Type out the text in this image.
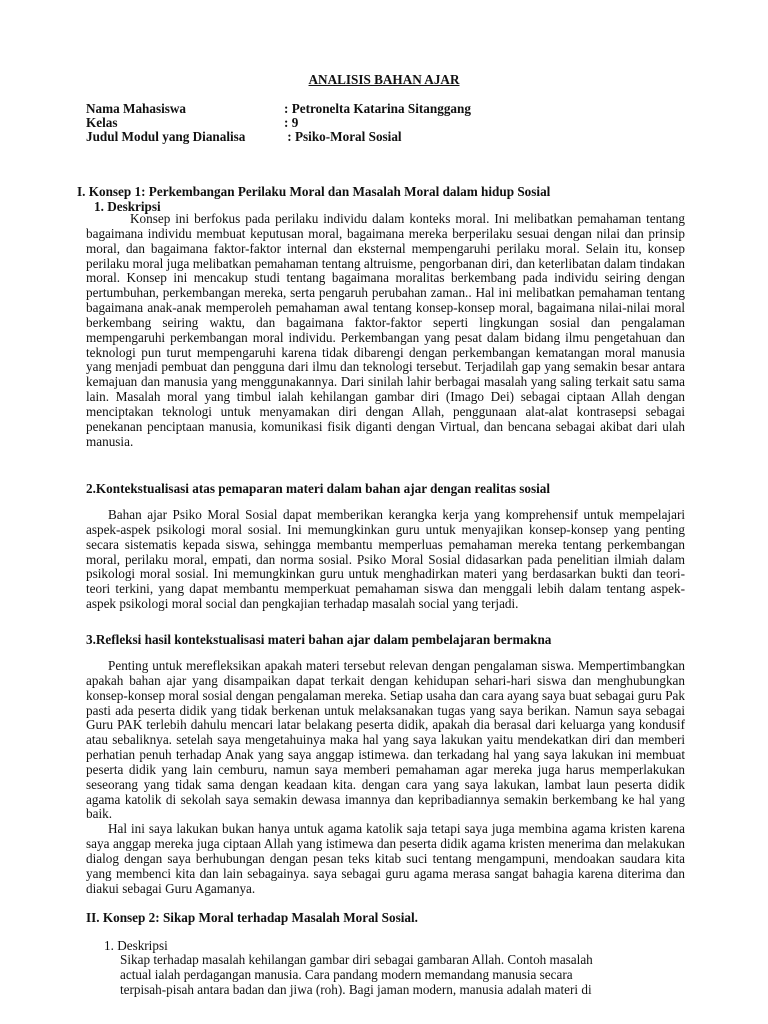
ANALISIS BAHAN AJAR
Nama Mahasiswa	: Petronelta Katarina Sitanggang
Kelas	: 9
Judul Modul yang Dianalisa	: Psiko-Moral Sosial
I. Konsep 1: Perkembangan Perilaku Moral dan Masalah Moral dalam hidup Sosial
1. Deskripsi

Konsep ini berfokus pada perilaku individu dalam konteks moral. Ini melibatkan pemahaman tentang bagaimana individu membuat keputusan moral, bagaimana mereka berperilaku sesuai dengan nilai dan prinsip moral, dan bagaimana faktor-faktor internal dan eksternal mempengaruhi perilaku moral. Selain itu, konsep perilaku moral juga melibatkan pemahaman tentang altruisme, pengorbanan diri, dan keterlibatan dalam tindakan moral. Konsep ini mencakup studi tentang bagaimana moralitas berkembang pada individu seiring dengan pertumbuhan, perkembangan mereka, serta pengaruh perubahan zaman.. Hal ini melibatkan pemahaman tentang bagaimana anak-anak memperoleh pemahaman awal tentang konsep-konsep moral, bagaimana nilai-nilai moral berkembang seiring waktu, dan bagaimana faktor-faktor seperti lingkungan sosial dan pengalaman mempengaruhi perkembangan moral individu. Perkembangan yang pesat dalam bidang ilmu pengetahuan dan teknologi pun turut mempengaruhi karena tidak dibarengi dengan perkembangan kematangan moral manusia yang menjadi pembuat dan pengguna dari ilmu dan teknologi tersebut. Terjadilah gap yang semakin besar antara kemajuan dan manusia yang menggunakannya. Dari sinilah lahir berbagai masalah yang saling terkait satu sama lain. Masalah moral yang timbul ialah kehilangan gambar diri (Imago Dei) sebagai ciptaan Allah dengan menciptakan teknologi untuk menyamakan diri dengan Allah, penggunaan alat-alat kontrasepsi sebagai penekanan penciptaan manusia, komunikasi fisik diganti dengan Virtual, dan bencana sebagai akibat dari ulah manusia.

2.Kontekstualisasi atas pemaparan materi dalam bahan ajar dengan realitas sosial

Bahan ajar Psiko Moral Sosial dapat memberikan kerangka kerja yang komprehensif untuk mempelajari aspek-aspek psikologi moral sosial. Ini memungkinkan guru untuk menyajikan konsep-konsep yang penting secara sistematis kepada siswa, sehingga membantu memperluas pemahaman mereka tentang perkembangan moral, perilaku moral, empati, dan norma sosial. Psiko Moral Sosial didasarkan pada penelitian ilmiah dalam psikologi moral sosial. Ini memungkinkan guru untuk menghadirkan materi yang berdasarkan bukti dan teori-teori terkini, yang dapat membantu memperkuat pemahaman siswa dan menggali lebih dalam tentang aspek-aspek psikologi moral social dan pengkajian terhadap masalah social yang terjadi.

3.Refleksi hasil kontekstualisasi materi bahan ajar dalam pembelajaran bermakna

Penting untuk merefleksikan apakah materi tersebut relevan dengan pengalaman siswa. Mempertimbangkan apakah bahan ajar yang disampaikan dapat terkait dengan kehidupan sehari-hari siswa dan menghubungkan konsep-konsep moral sosial dengan pengalaman mereka. Setiap usaha dan cara ayang saya buat sebagai guru Pak pasti ada peserta didik yang tidak berkenan untuk melaksanakan tugas yang saya berikan. Namun saya sebagai Guru PAK terlebih dahulu mencari latar belakang peserta didik, apakah dia berasal dari keluarga yang kondusif atau sebaliknya. setelah saya mengetahuinya maka hal yang saya lakukan yaitu mendekatkan diri dan memberi perhatian penuh terhadap Anak yang saya anggap istimewa. dan terkadang hal yang saya lakukan ini membuat peserta didik yang lain cemburu, namun saya memberi pemahaman agar mereka juga harus memperlakukan seseorang yang tidak sama dengan keadaan kita. dengan cara yang saya lakukan, lambat laun peserta didik agama katolik di sekolah saya semakin dewasa imannya dan kepribadiannya semakin berkembang ke hal yang baik.

Hal ini saya lakukan bukan hanya untuk agama katolik saja tetapi saya juga membina agama kristen karena saya anggap mereka juga ciptaan Allah yang istimewa dan peserta didik agama kristen menerima dan melakukan dialog dengan saya berhubungan dengan pesan teks kitab suci tentang mengampuni, mendoakan saudara kita yang membenci kita dan lain sebagainya. saya sebagai guru agama merasa sangat bahagia karena diterima dan diakui sebagai Guru Agamanya.

II. Konsep 2: Sikap Moral terhadap Masalah Moral Sosial.
1. Deskripsi
Sikap terhadap masalah kehilangan gambar diri sebagai gambaran Allah. Contoh masalah
actual ialah perdagangan manusia. Cara pandang modern memandang manusia secara
terpisah-pisah antara badan dan jiwa (roh). Bagi jaman modern, manusia adalah materi di
